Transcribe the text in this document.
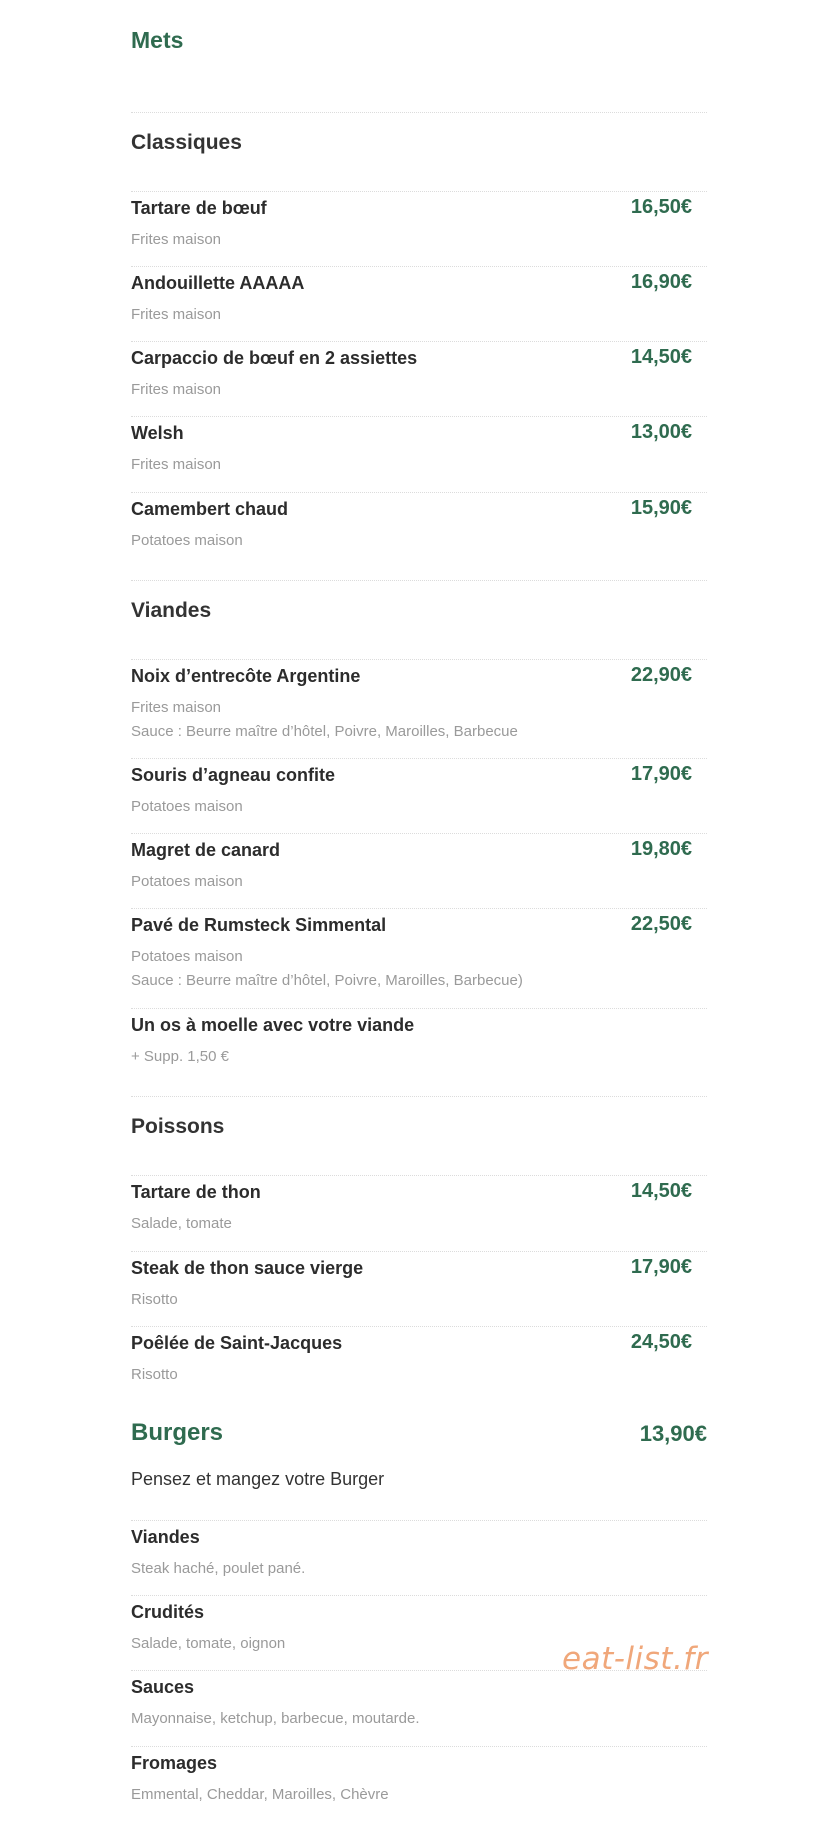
Mets
Classiques
Tartare de bœuf	16,50€
Frites maison
Andouillette AAAAA	16,90€
Frites maison
Carpaccio de bœuf en 2 assiettes	14,50€
Frites maison
Welsh	13,00€
Frites maison
Camembert chaud	15,90€
Potatoes maison
Viandes
Noix d’entrecôte Argentine	22,90€
Frites maison
Sauce : Beurre maître d’hôtel, Poivre, Maroilles, Barbecue
Souris d’agneau confite	17,90€
Potatoes maison
Magret de canard	19,80€
Potatoes maison
Pavé de Rumsteck Simmental	22,50€
Potatoes maison
Sauce : Beurre maître d’hôtel, Poivre, Maroilles, Barbecue)
Un os à moelle avec votre viande
+ Supp. 1,50 €
Poissons
Tartare de thon	14,50€
Salade, tomate
Steak de thon sauce vierge	17,90€
Risotto
Poêlée de Saint-Jacques	24,50€
Risotto
Burgers	13,90€
Pensez et mangez votre Burger
Viandes
Steak haché, poulet pané.
Crudités
Salade, tomate, oignon
Sauces
Mayonnaise, ketchup, barbecue, moutarde.
Fromages
Emmental, Cheddar, Maroilles, Chèvre
eat-list.fr
